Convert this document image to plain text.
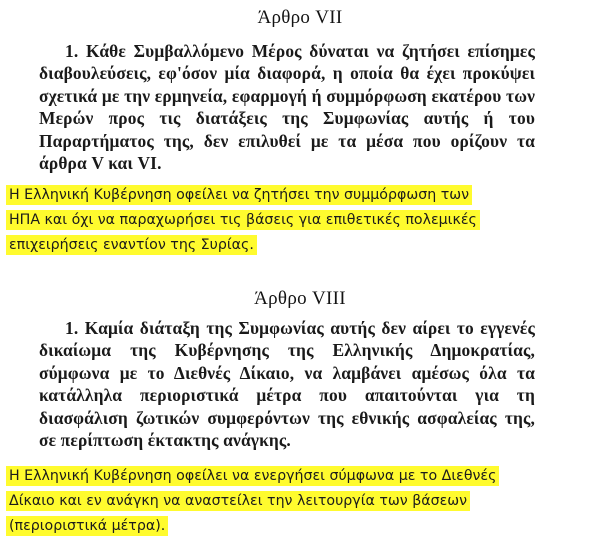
Άρθρο VII
1. Κάθε Συμβαλλόμενο Μέρος δύναται να ζητήσει επίσημες διαβουλεύσεις, εφ'όσον μία διαφορά, η οποία θα έχει προκύψει σχετικά με την ερμηνεία, εφαρμογή ή συμμόρφωση εκατέρου των Μερών προς τις διατάξεις της Συμφωνίας αυτής ή του Παραρτήματος της, δεν επιλυθεί με τα μέσα που ορίζουν τα άρθρα V και VI.
Η Ελληνική Κυβέρνηση οφείλει να ζητήσει την συμμόρφωση των
ΗΠΑ και όχι να παραχωρήσει τις βάσεις για επιθετικές πολεμικές
επιχειρήσεις εναντίον της Συρίας.
Άρθρο VIII
1. Καμία διάταξη της Συμφωνίας αυτής δεν αίρει το εγγενές δικαίωμα της Κυβέρνησης της Ελληνικής Δημοκρατίας, σύμφωνα με το Διεθνές Δίκαιο, να λαμβάνει αμέσως όλα τα κατάλληλα περιοριστικά μέτρα που απαιτούνται για τη διασφάλιση ζωτικών συμφερόντων της εθνικής ασφαλείας της, σε περίπτωση έκτακτης ανάγκης.
Η Ελληνική Κυβέρνηση οφείλει να ενεργήσει σύμφωνα με το Διεθνές
Δίκαιο και εν ανάγκη να αναστείλει την λειτουργία των βάσεων
(περιοριστικά μέτρα).
